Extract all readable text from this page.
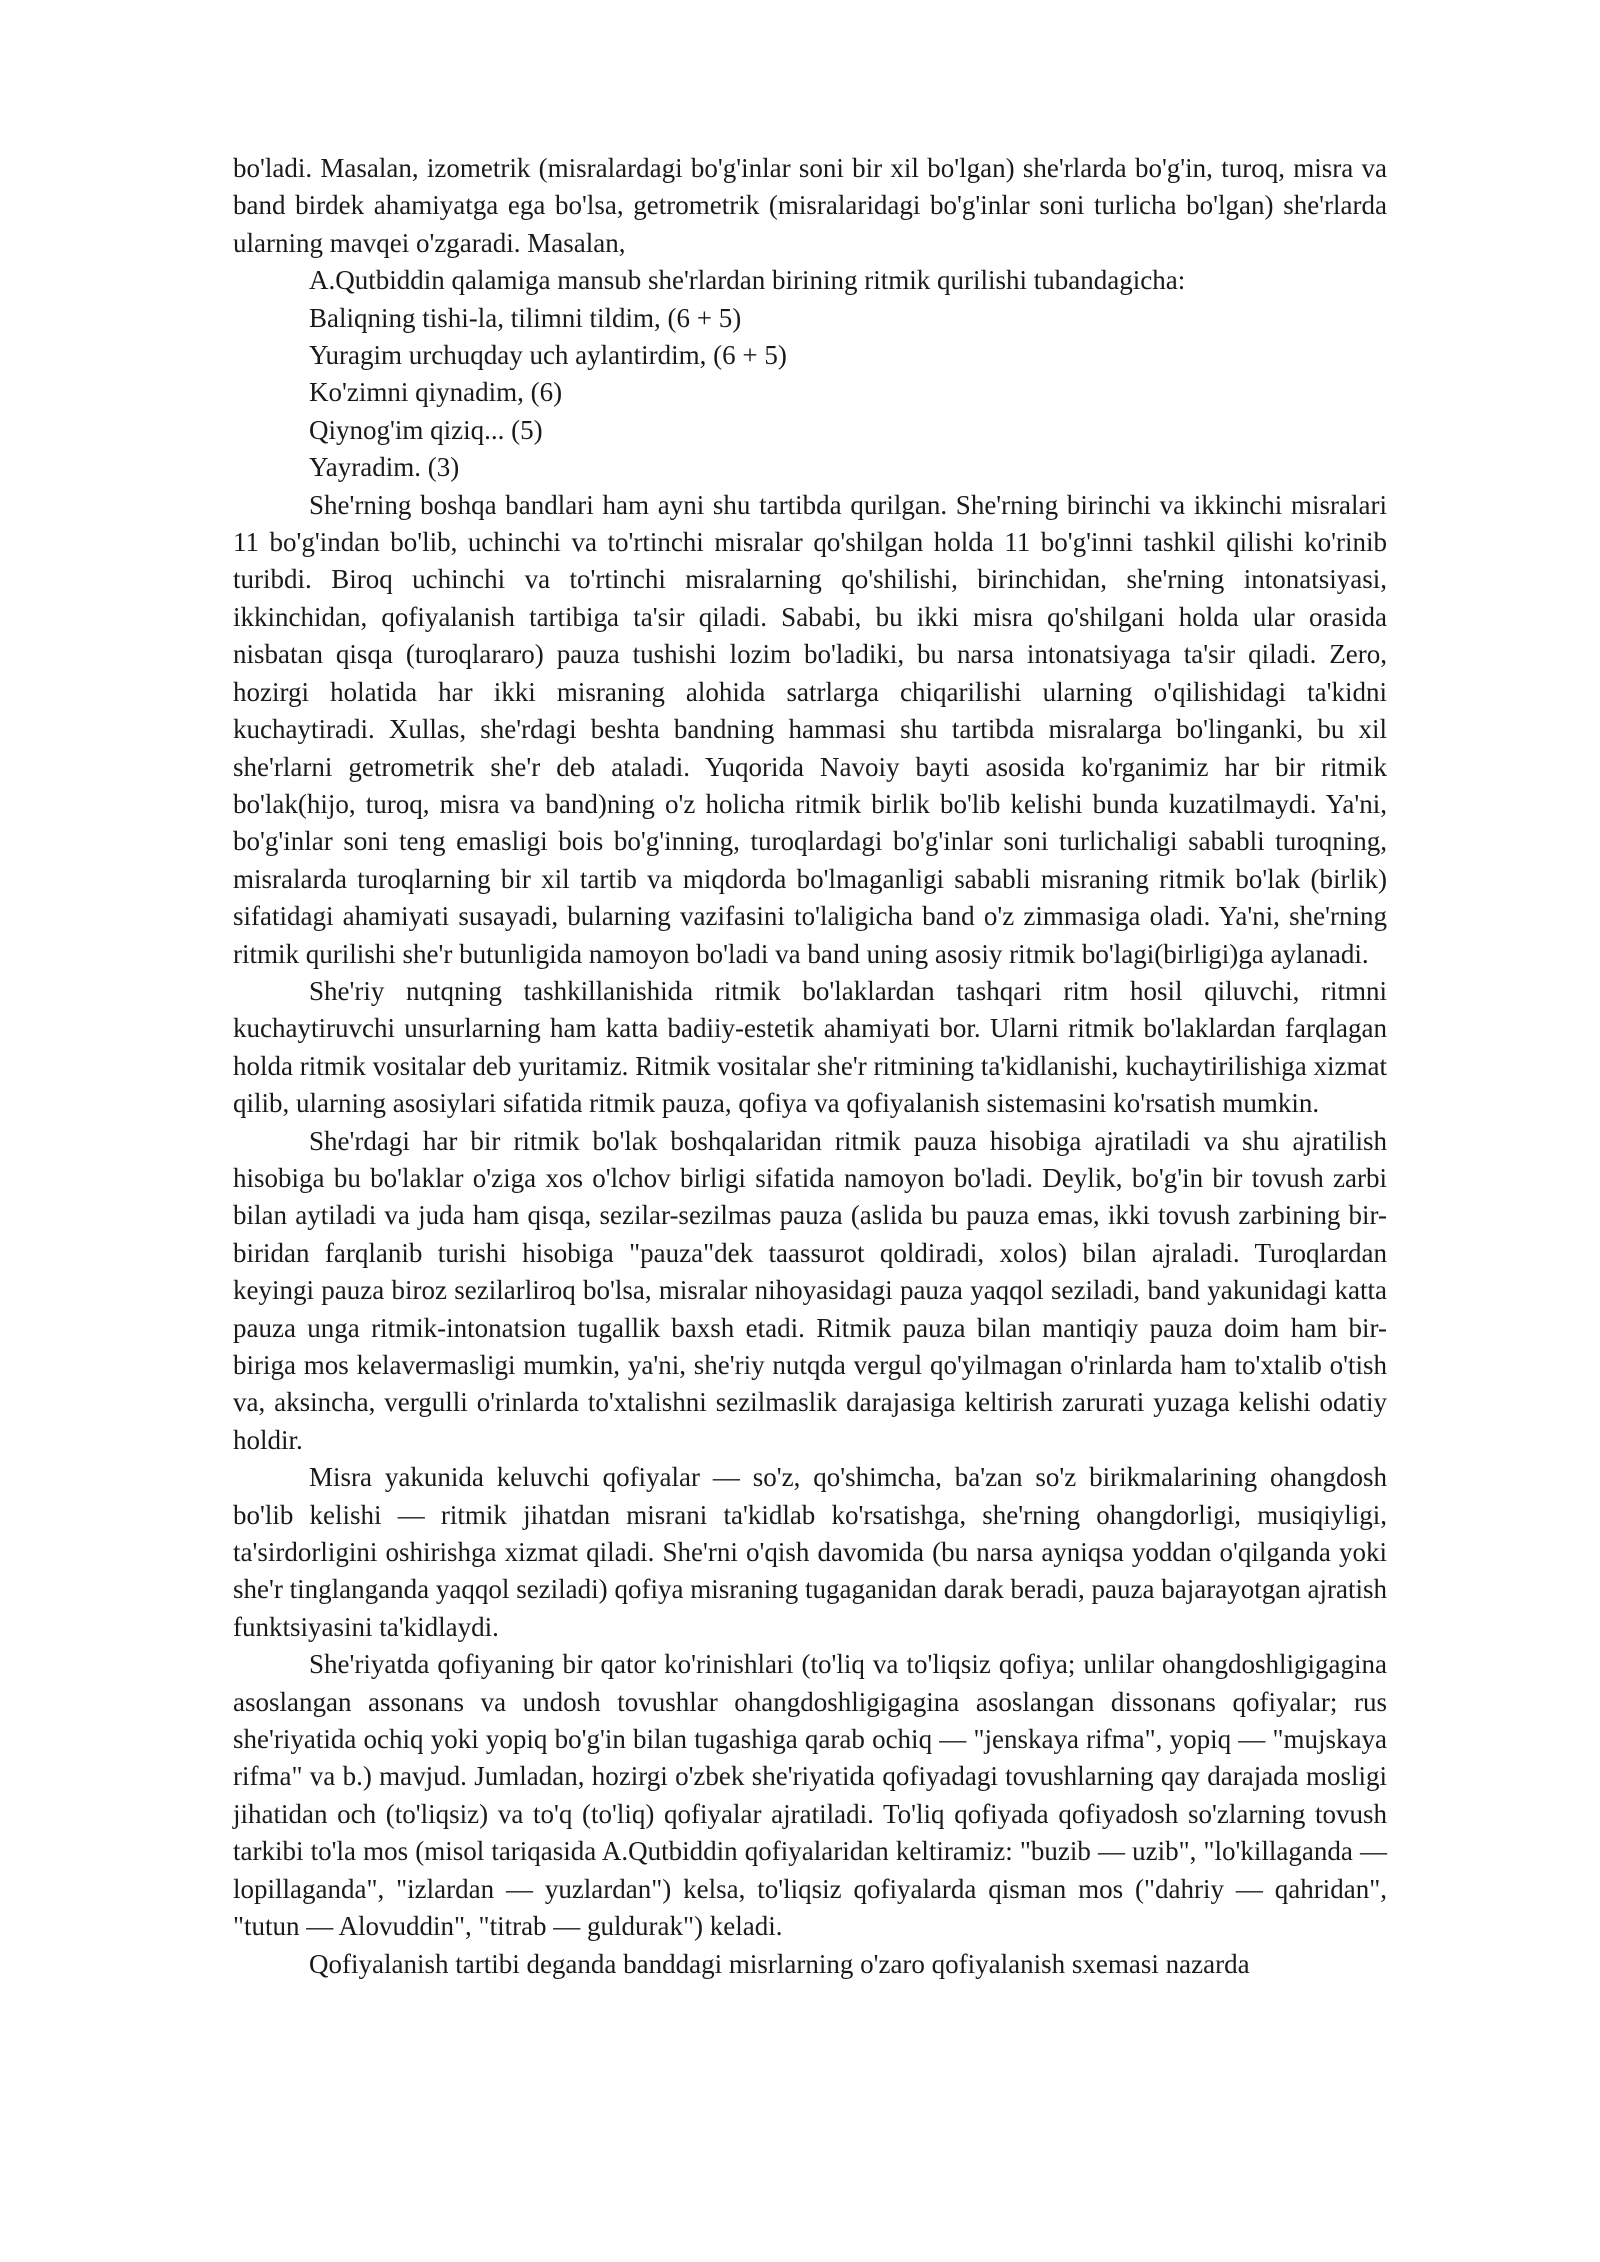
bo'ladi. Masalan, izometrik (misralardagi bo'g'inlar soni bir xil bo'lgan) she'rlarda bo'g'in, turoq, misra va band birdek ahamiyatga ega bo'lsa, getrometrik (misralaridagi bo'g'inlar soni turlicha bo'lgan) she'rlarda ularning mavqei o'zgaradi. Masalan,

A.Qutbiddin qalamiga mansub she'rlardan birining ritmik qurilishi tubandagicha:

Baliqning tishi-la, tilimni tildim, (6 + 5)

Yuragim urchuqday uch aylantirdim, (6 + 5)

Ko'zimni qiynadim, (6)

Qiynog'im qiziq... (5)

Yayradim. (3)

She'rning boshqa bandlari ham ayni shu tartibda qurilgan. She'rning birinchi va ikkinchi misralari 11 bo'g'indan bo'lib, uchinchi va to'rtinchi misralar qo'shilgan holda 11 bo'g'inni tashkil qilishi ko'rinib turibdi. Biroq uchinchi va to'rtinchi misralarning qo'shilishi, birinchidan, she'rning intonatsiyasi, ikkinchidan, qofiyalanish tartibiga ta'sir qiladi. Sababi, bu ikki misra qo'shilgani holda ular orasida nisbatan qisqa (turoqlararo) pauza tushishi lozim bo'ladiki, bu narsa intonatsiyaga ta'sir qiladi. Zero, hozirgi holatida har ikki misraning alohida satrlarga chiqarilishi ularning o'qilishidagi ta'kidni kuchaytiradi. Xullas, she'rdagi beshta bandning hammasi shu tartibda misralarga bo'linganki, bu xil she'rlarni getrometrik she'r deb ataladi. Yuqorida Navoiy bayti asosida ko'rganimiz har bir ritmik bo'lak(hijo, turoq, misra va band)ning o'z holicha ritmik birlik bo'lib kelishi bunda kuzatilmaydi. Ya'ni, bo'g'inlar soni teng emasligi bois bo'g'inning, turoqlardagi bo'g'inlar soni turlichaligi sababli turoqning, misralarda turoqlarning bir xil tartib va miqdorda bo'lmaganligi sababli misraning ritmik bo'lak (birlik) sifatidagi ahamiyati susayadi, bularning vazifasini to'laligicha band o'z zimmasiga oladi. Ya'ni, she'rning ritmik qurilishi she'r butunligida namoyon bo'ladi va band uning asosiy ritmik bo'lagi(birligi)ga aylanadi.

She'riy nutqning tashkillanishida ritmik bo'laklardan tashqari ritm hosil qiluvchi, ritmni kuchaytiruvchi unsurlarning ham katta badiiy-estetik ahamiyati bor. Ularni ritmik bo'laklardan farqlagan holda ritmik vositalar deb yuritamiz. Ritmik vositalar she'r ritmining ta'kidlanishi, kuchaytirilishiga xizmat qilib, ularning asosiylari sifatida ritmik pauza, qofiya va qofiyalanish sistemasini ko'rsatish mumkin.

She'rdagi har bir ritmik bo'lak boshqalaridan ritmik pauza hisobiga ajratiladi va shu ajratilish hisobiga bu bo'laklar o'ziga xos o'lchov birligi sifatida namoyon bo'ladi. Deylik, bo'g'in bir tovush zarbi bilan aytiladi va juda ham qisqa, sezilar-sezilmas pauza (aslida bu pauza emas, ikki tovush zarbining bir-biridan farqlanib turishi hisobiga "pauza"dek taassurot qoldiradi, xolos) bilan ajraladi. Turoqlardan keyingi pauza biroz sezilarliroq bo'lsa, misralar nihoyasidagi pauza yaqqol seziladi, band yakunidagi katta pauza unga ritmik-intonatsion tugallik baxsh etadi. Ritmik pauza bilan mantiqiy pauza doim ham bir-biriga mos kelavermasligi mumkin, ya'ni, she'riy nutqda vergul qo'yilmagan o'rinlarda ham to'xtalib o'tish va, aksincha, vergulli o'rinlarda to'xtalishni sezilmaslik darajasiga keltirish zarurati yuzaga kelishi odatiy holdir.

Misra yakunida keluvchi qofiyalar — so'z, qo'shimcha, ba'zan so'z birikmalarining ohangdosh bo'lib kelishi — ritmik jihatdan misrani ta'kidlab ko'rsatishga, she'rning ohangdorligi, musiqiyligi, ta'sirdorligini oshirishga xizmat qiladi. She'rni o'qish davomida (bu narsa ayniqsa yoddan o'qilganda yoki she'r tinglanganda yaqqol seziladi) qofiya misraning tugaganidan darak beradi, pauza bajarayotgan ajratish funktsiyasini ta'kidlaydi.

She'riyatda qofiyaning bir qator ko'rinishlari (to'liq va to'liqsiz qofiya; unlilar ohangdoshligigagina asoslangan assonans va undosh tovushlar ohangdoshligigagina asoslangan dissonans qofiyalar; rus she'riyatida ochiq yoki yopiq bo'g'in bilan tugashiga qarab ochiq — "jenskaya rifma", yopiq — "mujskaya rifma" va b.) mavjud. Jumladan, hozirgi o'zbek she'riyatida qofiyadagi tovushlarning qay darajada mosligi jihatidan och (to'liqsiz) va to'q (to'liq) qofiyalar ajratiladi. To'liq qofiyada qofiyadosh so'zlarning tovush tarkibi to'la mos (misol tariqasida A.Qutbiddin qofiyalaridan keltiramiz: "buzib — uzib", "lo'killaganda — lopillaganda", "izlardan — yuzlardan") kelsa, to'liqsiz qofiyalarda qisman mos ("dahriy — qahridan", "tutun — Alovuddin", "titrab — guldurak") keladi.

Qofiyalanish tartibi deganda banddagi misrlarning o'zaro qofiyalanish sxemasi nazarda
